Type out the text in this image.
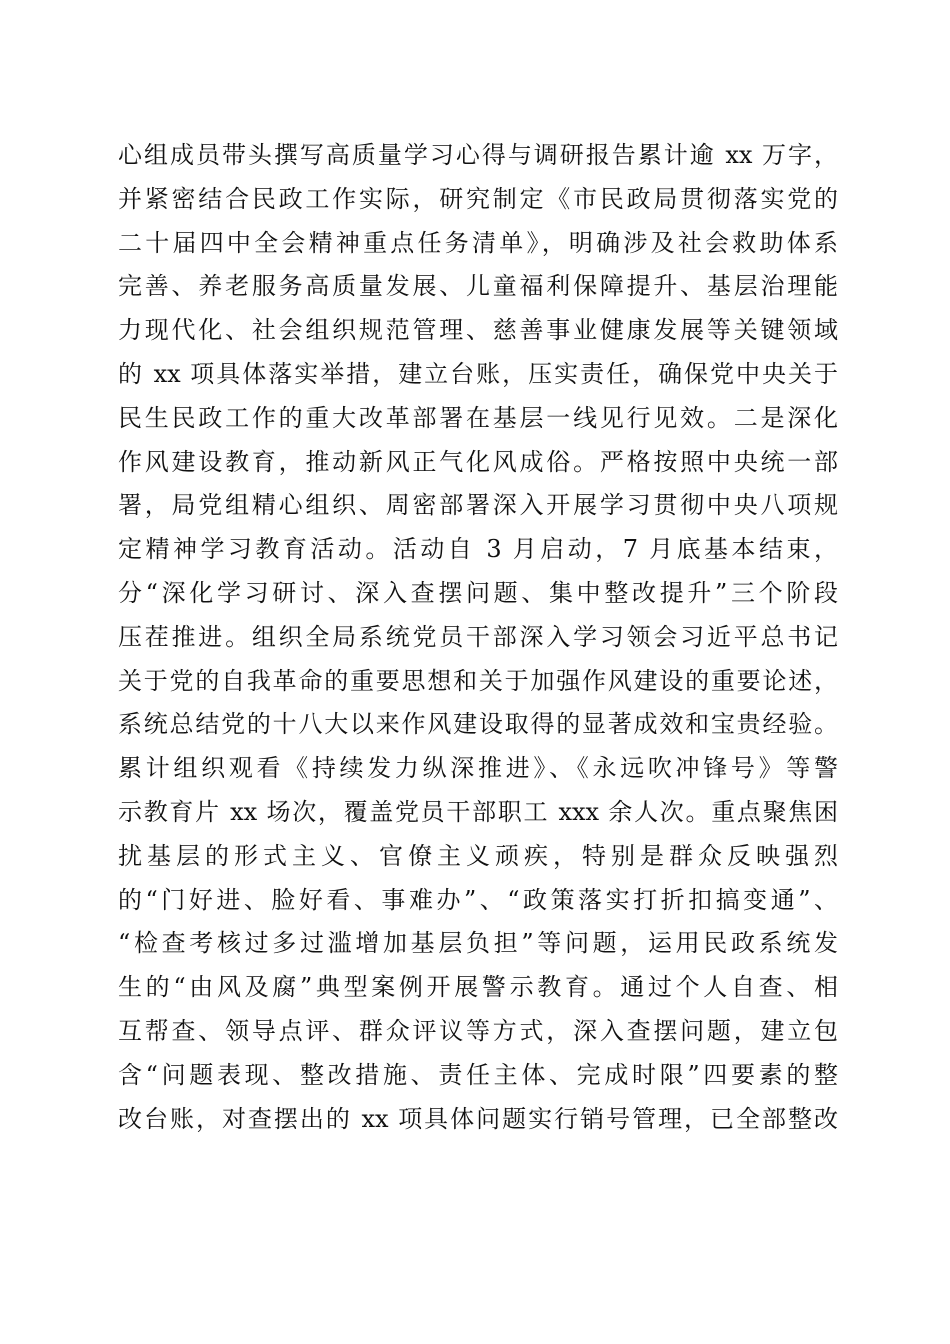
心组成员带头撰写高质量学习心得与调研报告累计逾 xx 万字，
并紧密结合民政工作实际，研究制定《市民政局贯彻落实党的
二十届四中全会精神重点任务清单》，明确涉及社会救助体系
完善、养老服务高质量发展、儿童福利保障提升、基层治理能
力现代化、社会组织规范管理、慈善事业健康发展等关键领域
的 xx 项具体落实举措，建立台账，压实责任，确保党中央关于
民生民政工作的重大改革部署在基层一线见行见效。二是深化
作风建设教育，推动新风正气化风成俗。严格按照中央统一部
署，局党组精心组织、周密部署深入开展学习贯彻中央八项规
定精神学习教育活动。活动自 3 月启动，7 月底基本结束，
分“深化学习研讨、深入查摆问题、集中整改提升”三个阶段
压茬推进。组织全局系统党员干部深入学习领会习近平总书记
关于党的自我革命的重要思想和关于加强作风建设的重要论述，
系统总结党的十八大以来作风建设取得的显著成效和宝贵经验。
累计组织观看《持续发力纵深推进》、《永远吹冲锋号》等警
示教育片 xx 场次，覆盖党员干部职工 xxx 余人次。重点聚焦困
扰基层的形式主义、官僚主义顽疾，特别是群众反映强烈
的“门好进、脸好看、事难办”、“政策落实打折扣搞变通”、
“检查考核过多过滥增加基层负担”等问题，运用民政系统发
生的“由风及腐”典型案例开展警示教育。通过个人自查、相
互帮查、领导点评、群众评议等方式，深入查摆问题，建立包
含“问题表现、整改措施、责任主体、完成时限”四要素的整
改台账，对查摆出的 xx 项具体问题实行销号管理，已全部整改
